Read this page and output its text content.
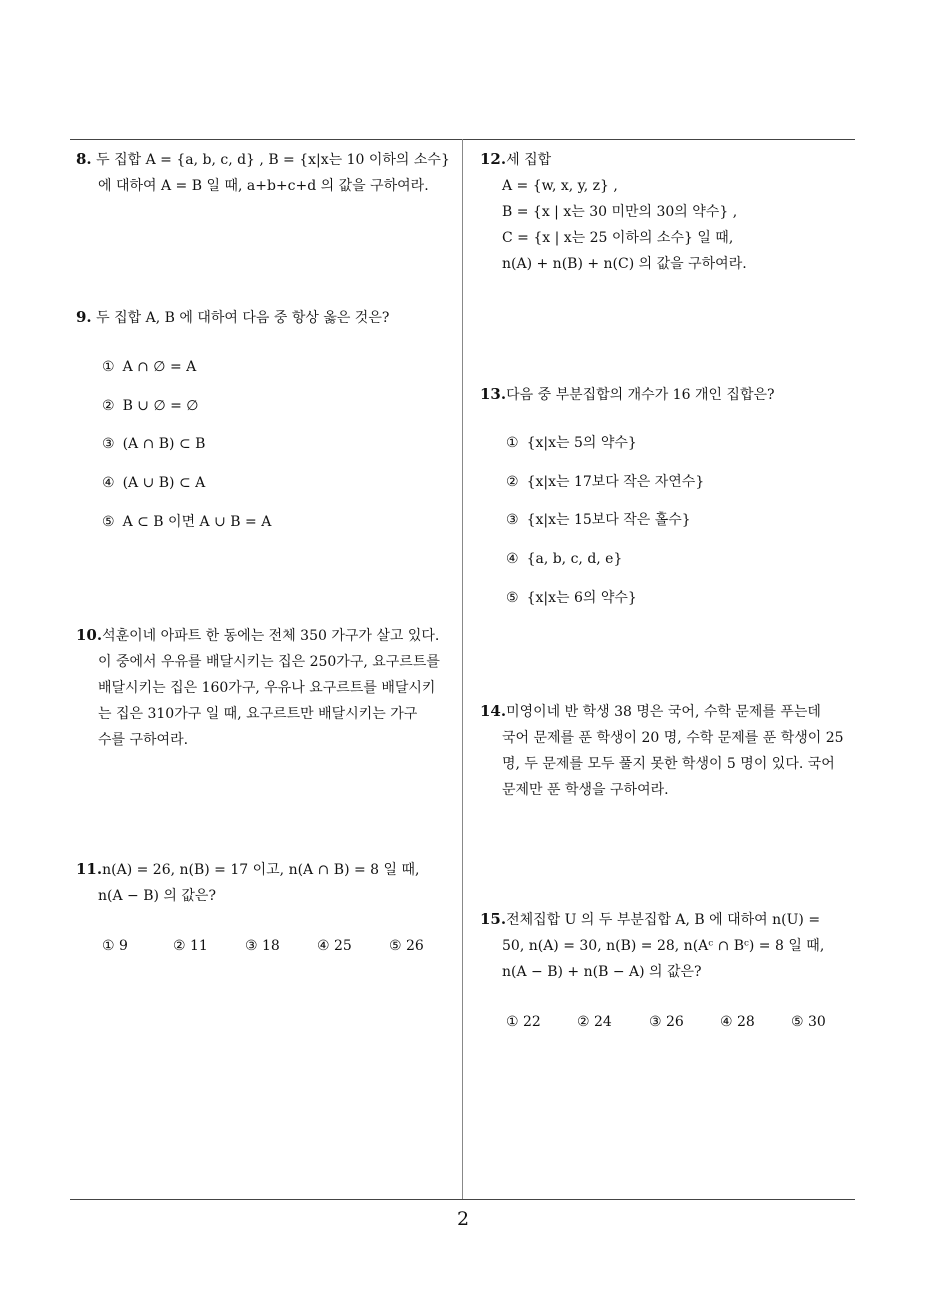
8. 두 집합 A = {a, b, c, d} , B = {x|x는 10 이하의 소수}
에 대하여 A = B 일 때, a+b+c+d 의 값을 구하여라.
9. 두 집합 A, B 에 대하여 다음 중 항상 옳은 것은?
① A ∩ ∅ = A
② B ∪ ∅ = ∅
③ (A ∩ B) ⊂ B
④ (A ∪ B) ⊂ A
⑤ A ⊂ B 이면 A ∪ B = A
10.석훈이네 아파트 한 동에는 전체 350 가구가 살고 있다.
이 중에서 우유를 배달시키는 집은 250가구, 요구르트를
배달시키는 집은 160가구, 우유나 요구르트를 배달시키
는 집은 310가구 일 때, 요구르트만 배달시키는 가구
수를 구하여라.
11.n(A) = 26, n(B) = 17 이고, n(A ∩ B) = 8 일 때,
n(A − B) 의 값은?
① 9	② 11	③ 18	④ 25	⑤ 26
12.세 집합
A = {w, x, y, z} ,
B = {x | x는 30 미만의 30의 약수} ,
C = {x | x는 25 이하의 소수} 일 때,
n(A) + n(B) + n(C) 의 값을 구하여라.
13.다음 중 부분집합의 개수가 16 개인 집합은?
① {x|x는 5의 약수}
② {x|x는 17보다 작은 자연수}
③ {x|x는 15보다 작은 홀수}
④ {a, b, c, d, e}
⑤ {x|x는 6의 약수}
14.미영이네 반 학생 38 명은 국어, 수학 문제를 푸는데
국어 문제를 푼 학생이 20 명, 수학 문제를 푼 학생이 25
명, 두 문제를 모두 풀지 못한 학생이 5 명이 있다. 국어
문제만 푼 학생을 구하여라.
15.전체집합 U 의 두 부분집합 A, B 에 대하여 n(U) =
50, n(A) = 30, n(B) = 28, n(Aᶜ ∩ Bᶜ) = 8 일 때,
n(A − B) + n(B − A) 의 값은?
① 22	② 24	③ 26	④ 28	⑤ 30
2
